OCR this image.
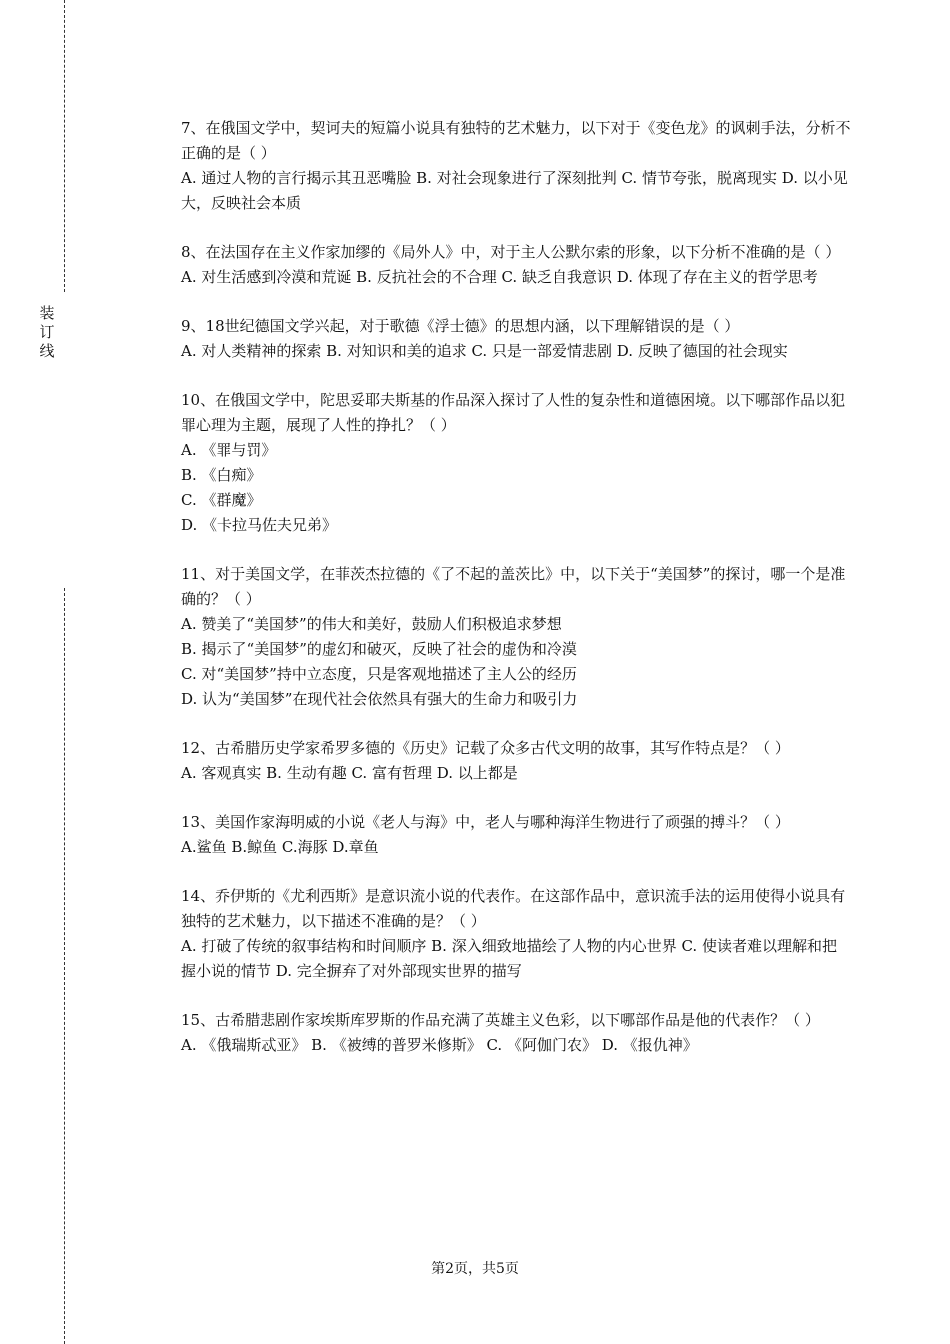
装
订
线
7、在俄国文学中，契诃夫的短篇小说具有独特的艺术魅力，以下对于《变色龙》的讽刺手法，分析不正确的是（ ）
A. 通过人物的言行揭示其丑恶嘴脸 B. 对社会现象进行了深刻批判 C. 情节夸张，脱离现实 D. 以小见大，反映社会本质
8、在法国存在主义作家加缪的《局外人》中，对于主人公默尔索的形象，以下分析不准确的是（ ）
A. 对生活感到冷漠和荒诞 B. 反抗社会的不合理 C. 缺乏自我意识 D. 体现了存在主义的哲学思考
9、18世纪德国文学兴起，对于歌德《浮士德》的思想内涵，以下理解错误的是（ ）
A. 对人类精神的探索 B. 对知识和美的追求 C. 只是一部爱情悲剧 D. 反映了德国的社会现实
10、在俄国文学中，陀思妥耶夫斯基的作品深入探讨了人性的复杂性和道德困境。以下哪部作品以犯罪心理为主题，展现了人性的挣扎？（ ）
A. 《罪与罚》
B. 《白痴》
C. 《群魔》
D. 《卡拉马佐夫兄弟》
11、对于美国文学，在菲茨杰拉德的《了不起的盖茨比》中，以下关于“美国梦”的探讨，哪一个是准确的？（ ）
A. 赞美了“美国梦”的伟大和美好，鼓励人们积极追求梦想
B. 揭示了“美国梦”的虚幻和破灭，反映了社会的虚伪和冷漠
C. 对“美国梦”持中立态度，只是客观地描述了主人公的经历
D. 认为“美国梦”在现代社会依然具有强大的生命力和吸引力
12、古希腊历史学家希罗多德的《历史》记载了众多古代文明的故事，其写作特点是？（ ）
A. 客观真实 B. 生动有趣 C. 富有哲理 D. 以上都是
13、美国作家海明威的小说《老人与海》中，老人与哪种海洋生物进行了顽强的搏斗？（ ）
A.鲨鱼 B.鲸鱼 C.海豚 D.章鱼
14、乔伊斯的《尤利西斯》是意识流小说的代表作。在这部作品中，意识流手法的运用使得小说具有独特的艺术魅力，以下描述不准确的是？（ ）
A. 打破了传统的叙事结构和时间顺序 B. 深入细致地描绘了人物的内心世界 C. 使读者难以理解和把握小说的情节 D. 完全摒弃了对外部现实世界的描写
15、古希腊悲剧作家埃斯库罗斯的作品充满了英雄主义色彩，以下哪部作品是他的代表作？（ ）
A. 《俄瑞斯忒亚》 B. 《被缚的普罗米修斯》 C. 《阿伽门农》 D. 《报仇神》
第2页，共5页
